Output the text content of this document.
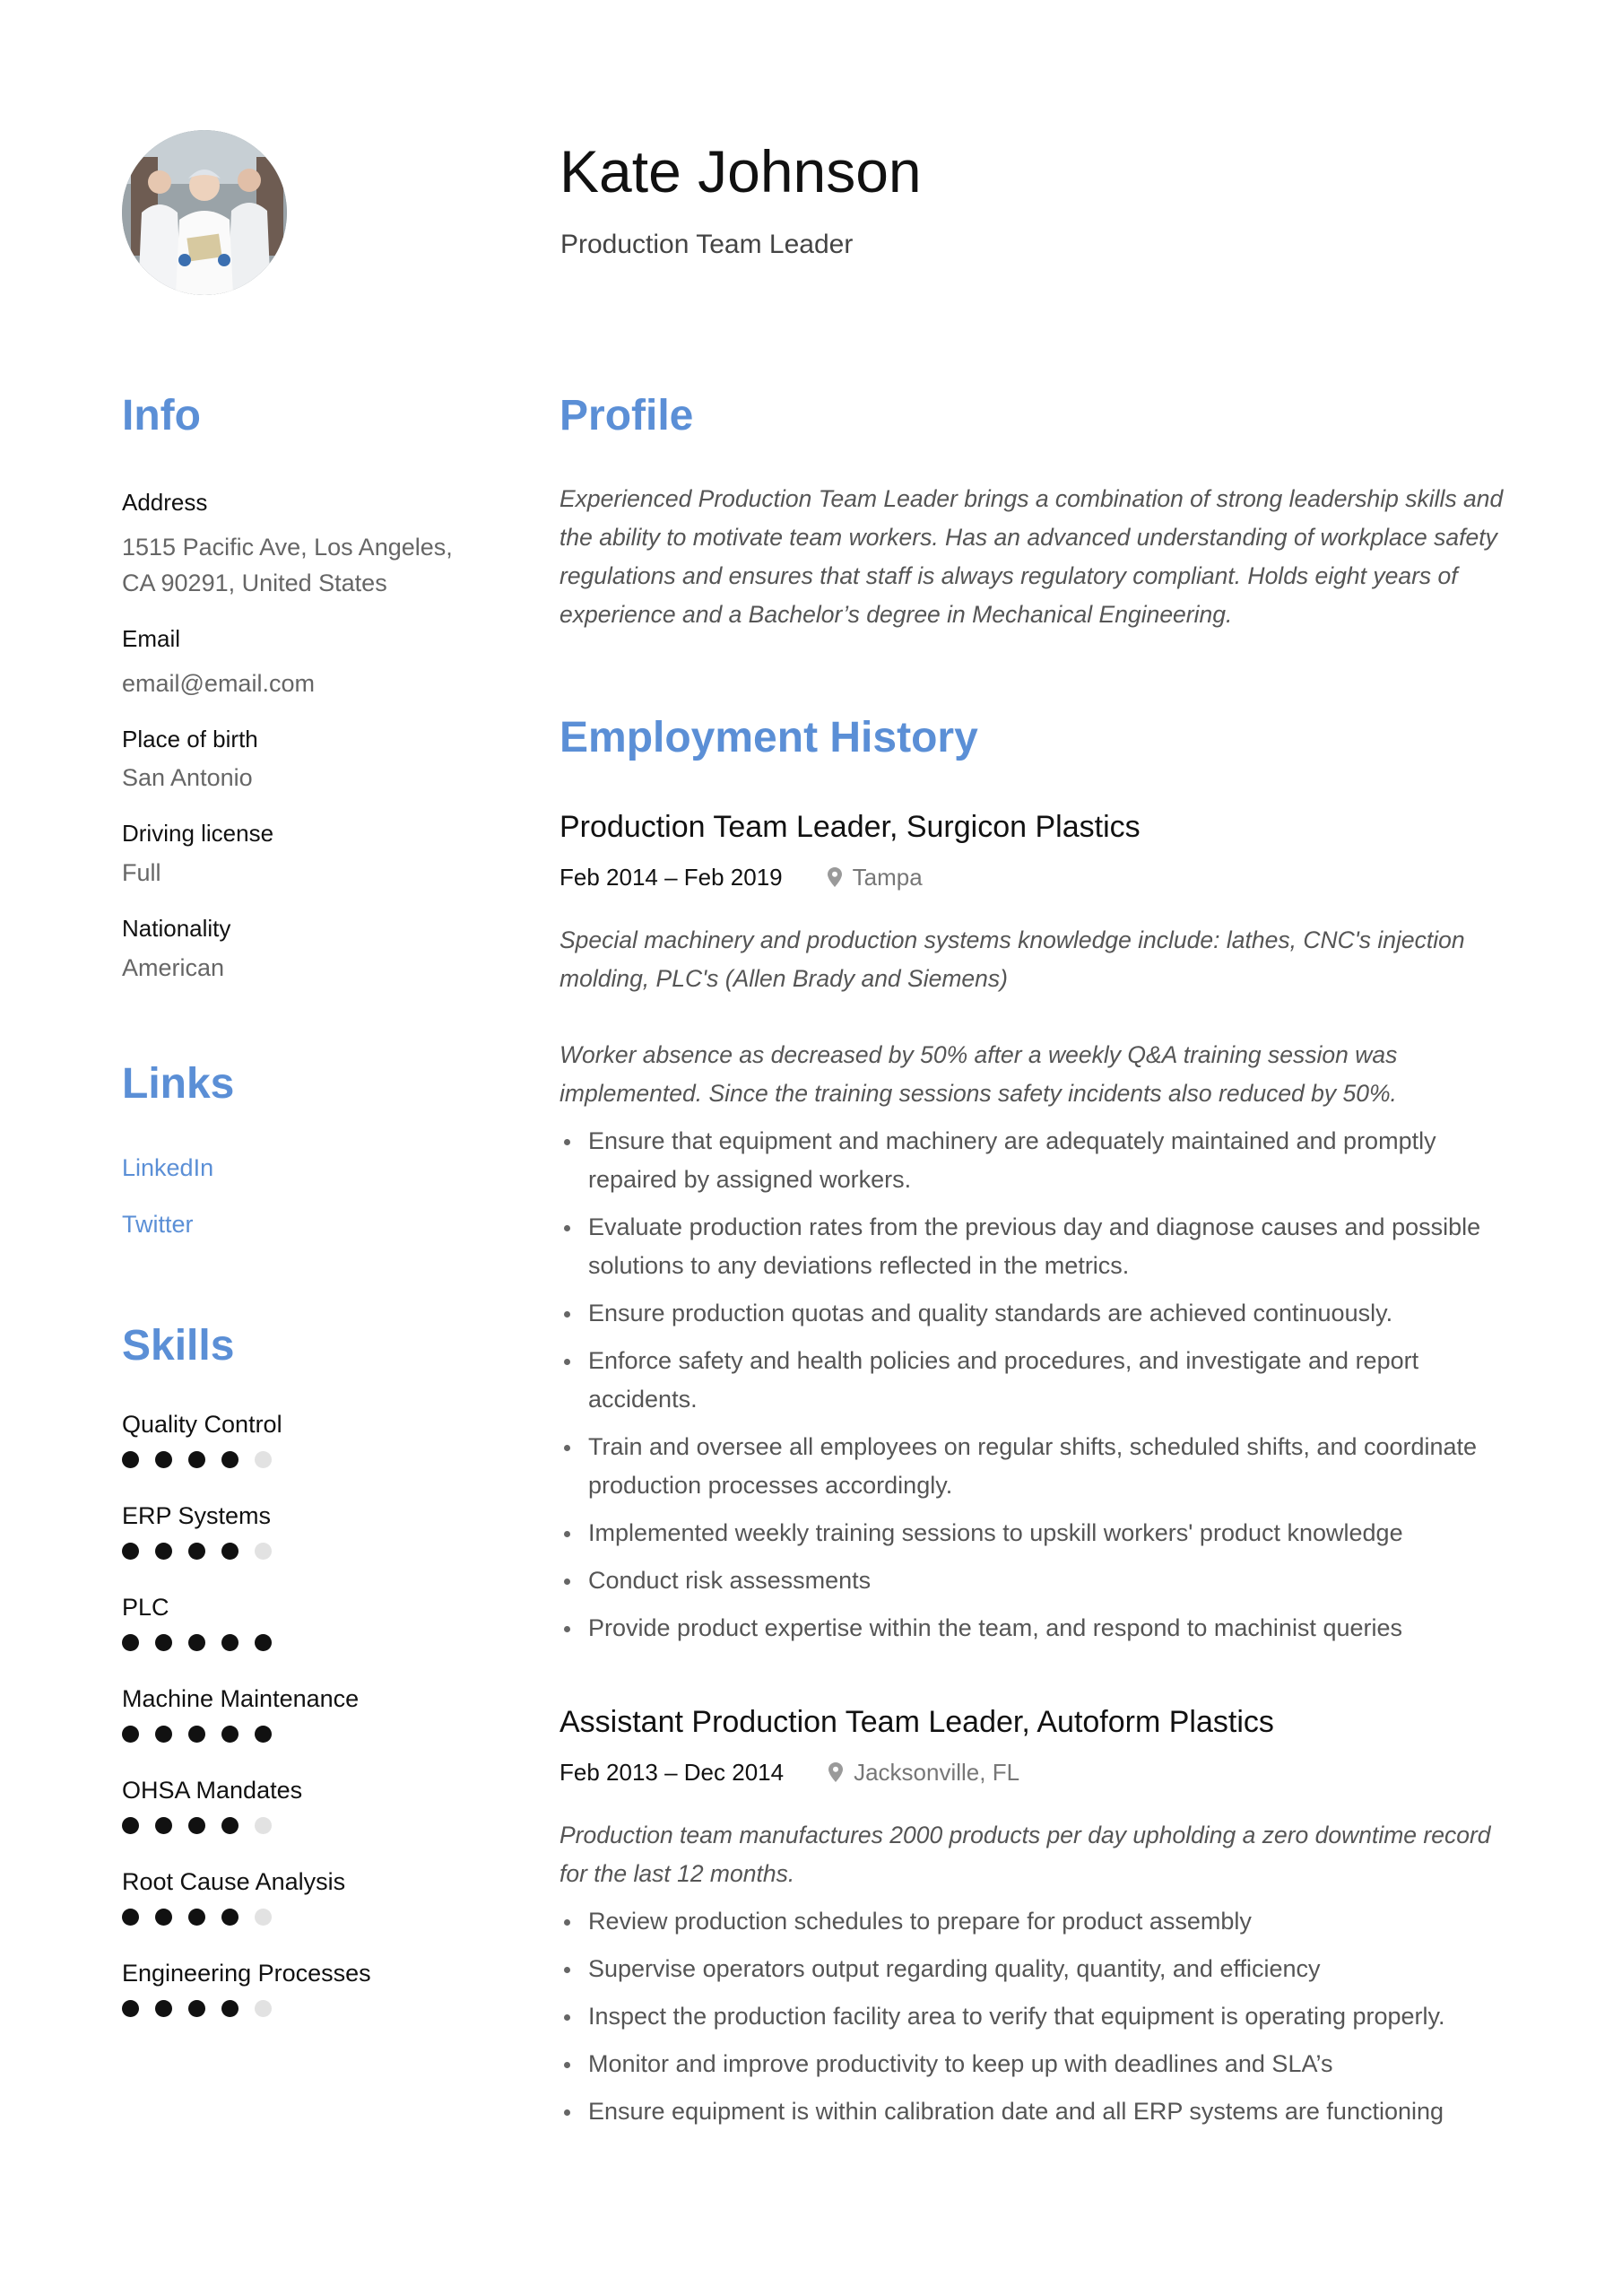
Kate Johnson
Production Team Leader
Info
Address
1515 Pacific Ave, Los Angeles, CA 90291, United States
Email
email@email.com
Place of birth
San Antonio
Driving license
Full
Nationality
American
Links
LinkedIn
Twitter
Skills
Quality Control
ERP Systems
PLC
Machine Maintenance
OHSA Mandates
Root Cause Analysis
Engineering Processes
Profile

Experienced Production Team Leader brings a combination of strong leadership skills and the ability to motivate team workers. Has an advanced understanding of workplace safety regulations and ensures that staff is always regulatory compliant. Holds eight years of experience and a Bachelor’s degree in Mechanical Engineering.

Employment History
Production Team Leader, Surgicon Plastics
Feb 2014 – Feb 2019	Tampa

Special machinery and production systems knowledge include: lathes, CNC's injection molding, PLC's (Allen Brady and Siemens)

Worker absence as decreased by 50% after a weekly Q&A training session was implemented. Since the training sessions safety incidents also reduced by 50%.

Ensure that equipment and machinery are adequately maintained and promptly repaired by assigned workers.
Evaluate production rates from the previous day and diagnose causes and possible solutions to any deviations reflected in the metrics.
Ensure production quotas and quality standards are achieved continuously.
Enforce safety and health policies and procedures, and investigate and report accidents.
Train and oversee all employees on regular shifts, scheduled shifts, and coordinate production processes accordingly.
Implemented weekly training sessions to upskill workers' product knowledge
Conduct risk assessments
Provide product expertise within the team, and respond to machinist queries
Assistant Production Team Leader, Autoform Plastics
Feb 2013 – Dec 2014	Jacksonville, FL

Production team manufactures 2000 products per day upholding a zero downtime record for the last 12 months.

Review production schedules to prepare for product assembly
Supervise operators output regarding quality, quantity, and efficiency
Inspect the production facility area to verify that equipment is operating properly.
Monitor and improve productivity to keep up with deadlines and SLA’s
Ensure equipment is within calibration date and all ERP systems are functioning
